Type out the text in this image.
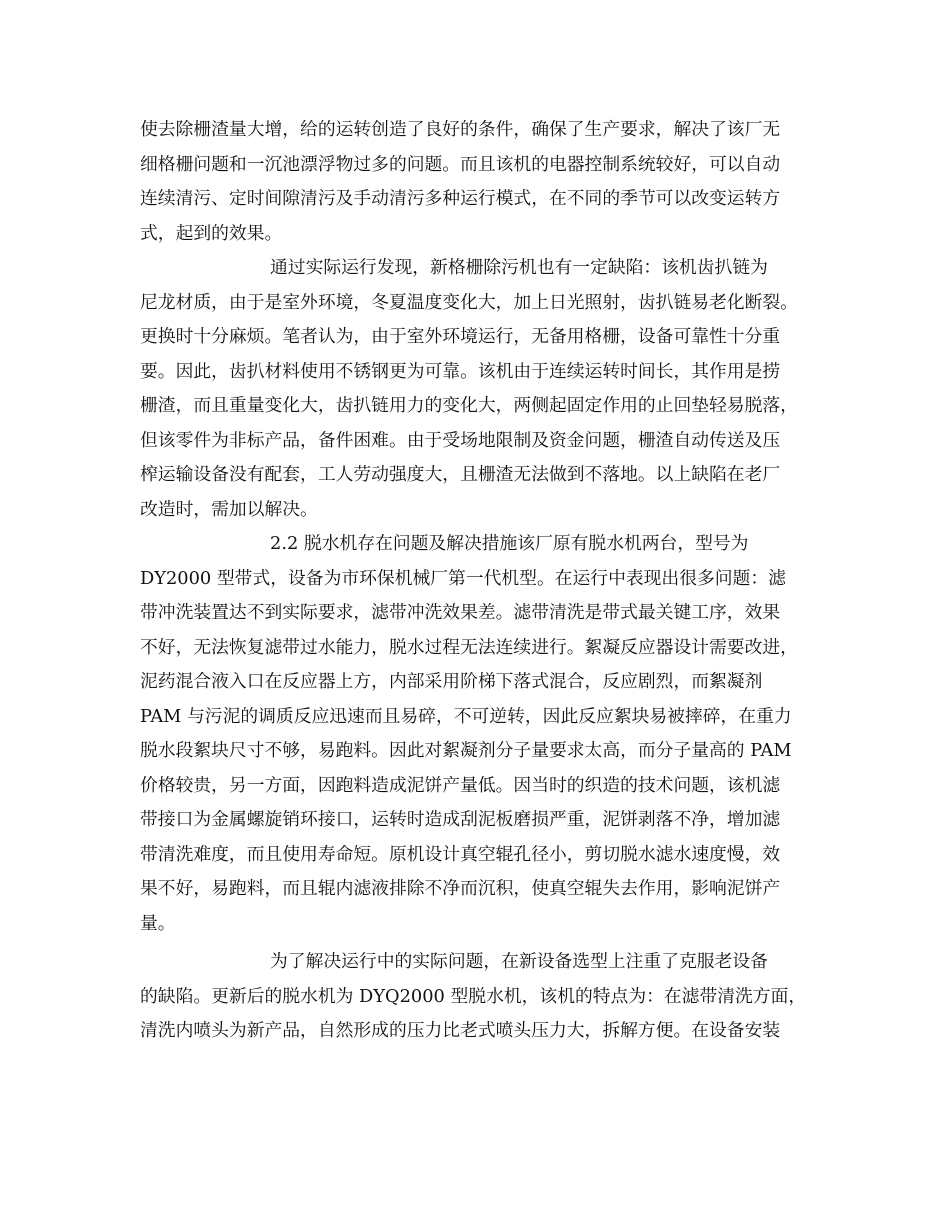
使去除栅渣量大增，给的运转创造了良好的条件，确保了生产要求，解决了该厂无
细格栅问题和一沉池漂浮物过多的问题。而且该机的电器控制系统较好，可以自动
连续清污、定时间隙清污及手动清污多种运行模式，在不同的季节可以改变运转方
式，起到的效果。

通过实际运行发现，新格栅除污机也有一定缺陷：该机齿扒链为
尼龙材质，由于是室外环境，冬夏温度变化大，加上日光照射，齿扒链易老化断裂。
更换时十分麻烦。笔者认为，由于室外环境运行，无备用格栅，设备可靠性十分重
要。因此，齿扒材料使用不锈钢更为可靠。该机由于连续运转时间长，其作用是捞
栅渣，而且重量变化大，齿扒链用力的变化大，两侧起固定作用的止回垫轻易脱落，
但该零件为非标产品，备件困难。由于受场地限制及资金问题，栅渣自动传送及压
榨运输设备没有配套，工人劳动强度大，且栅渣无法做到不落地。以上缺陷在老厂
改造时，需加以解决。

2.2 脱水机存在问题及解决措施该厂原有脱水机两台，型号为
DY2000 型带式，设备为市环保机械厂第一代机型。在运行中表现出很多问题：滤
带冲洗装置达不到实际要求，滤带冲洗效果差。滤带清洗是带式最关键工序，效果
不好，无法恢复滤带过水能力，脱水过程无法连续进行。絮凝反应器设计需要改进，
泥药混合液入口在反应器上方，内部采用阶梯下落式混合，反应剧烈，而絮凝剂
PAM 与污泥的调质反应迅速而且易碎，不可逆转，因此反应絮块易被摔碎，在重力
脱水段絮块尺寸不够，易跑料。因此对絮凝剂分子量要求太高，而分子量高的 PAM
价格较贵，另一方面，因跑料造成泥饼产量低。因当时的织造的技术问题，该机滤
带接口为金属螺旋销环接口，运转时造成刮泥板磨损严重，泥饼剥落不净，增加滤
带清洗难度，而且使用寿命短。原机设计真空辊孔径小，剪切脱水滤水速度慢，效
果不好，易跑料，而且辊内滤液排除不净而沉积，使真空辊失去作用，影响泥饼产
量。

为了解决运行中的实际问题，在新设备选型上注重了克服老设备
的缺陷。更新后的脱水机为 DYQ2000 型脱水机，该机的特点为：在滤带清洗方面，
清洗内喷头为新产品，自然形成的压力比老式喷头压力大，拆解方便。在设备安装
